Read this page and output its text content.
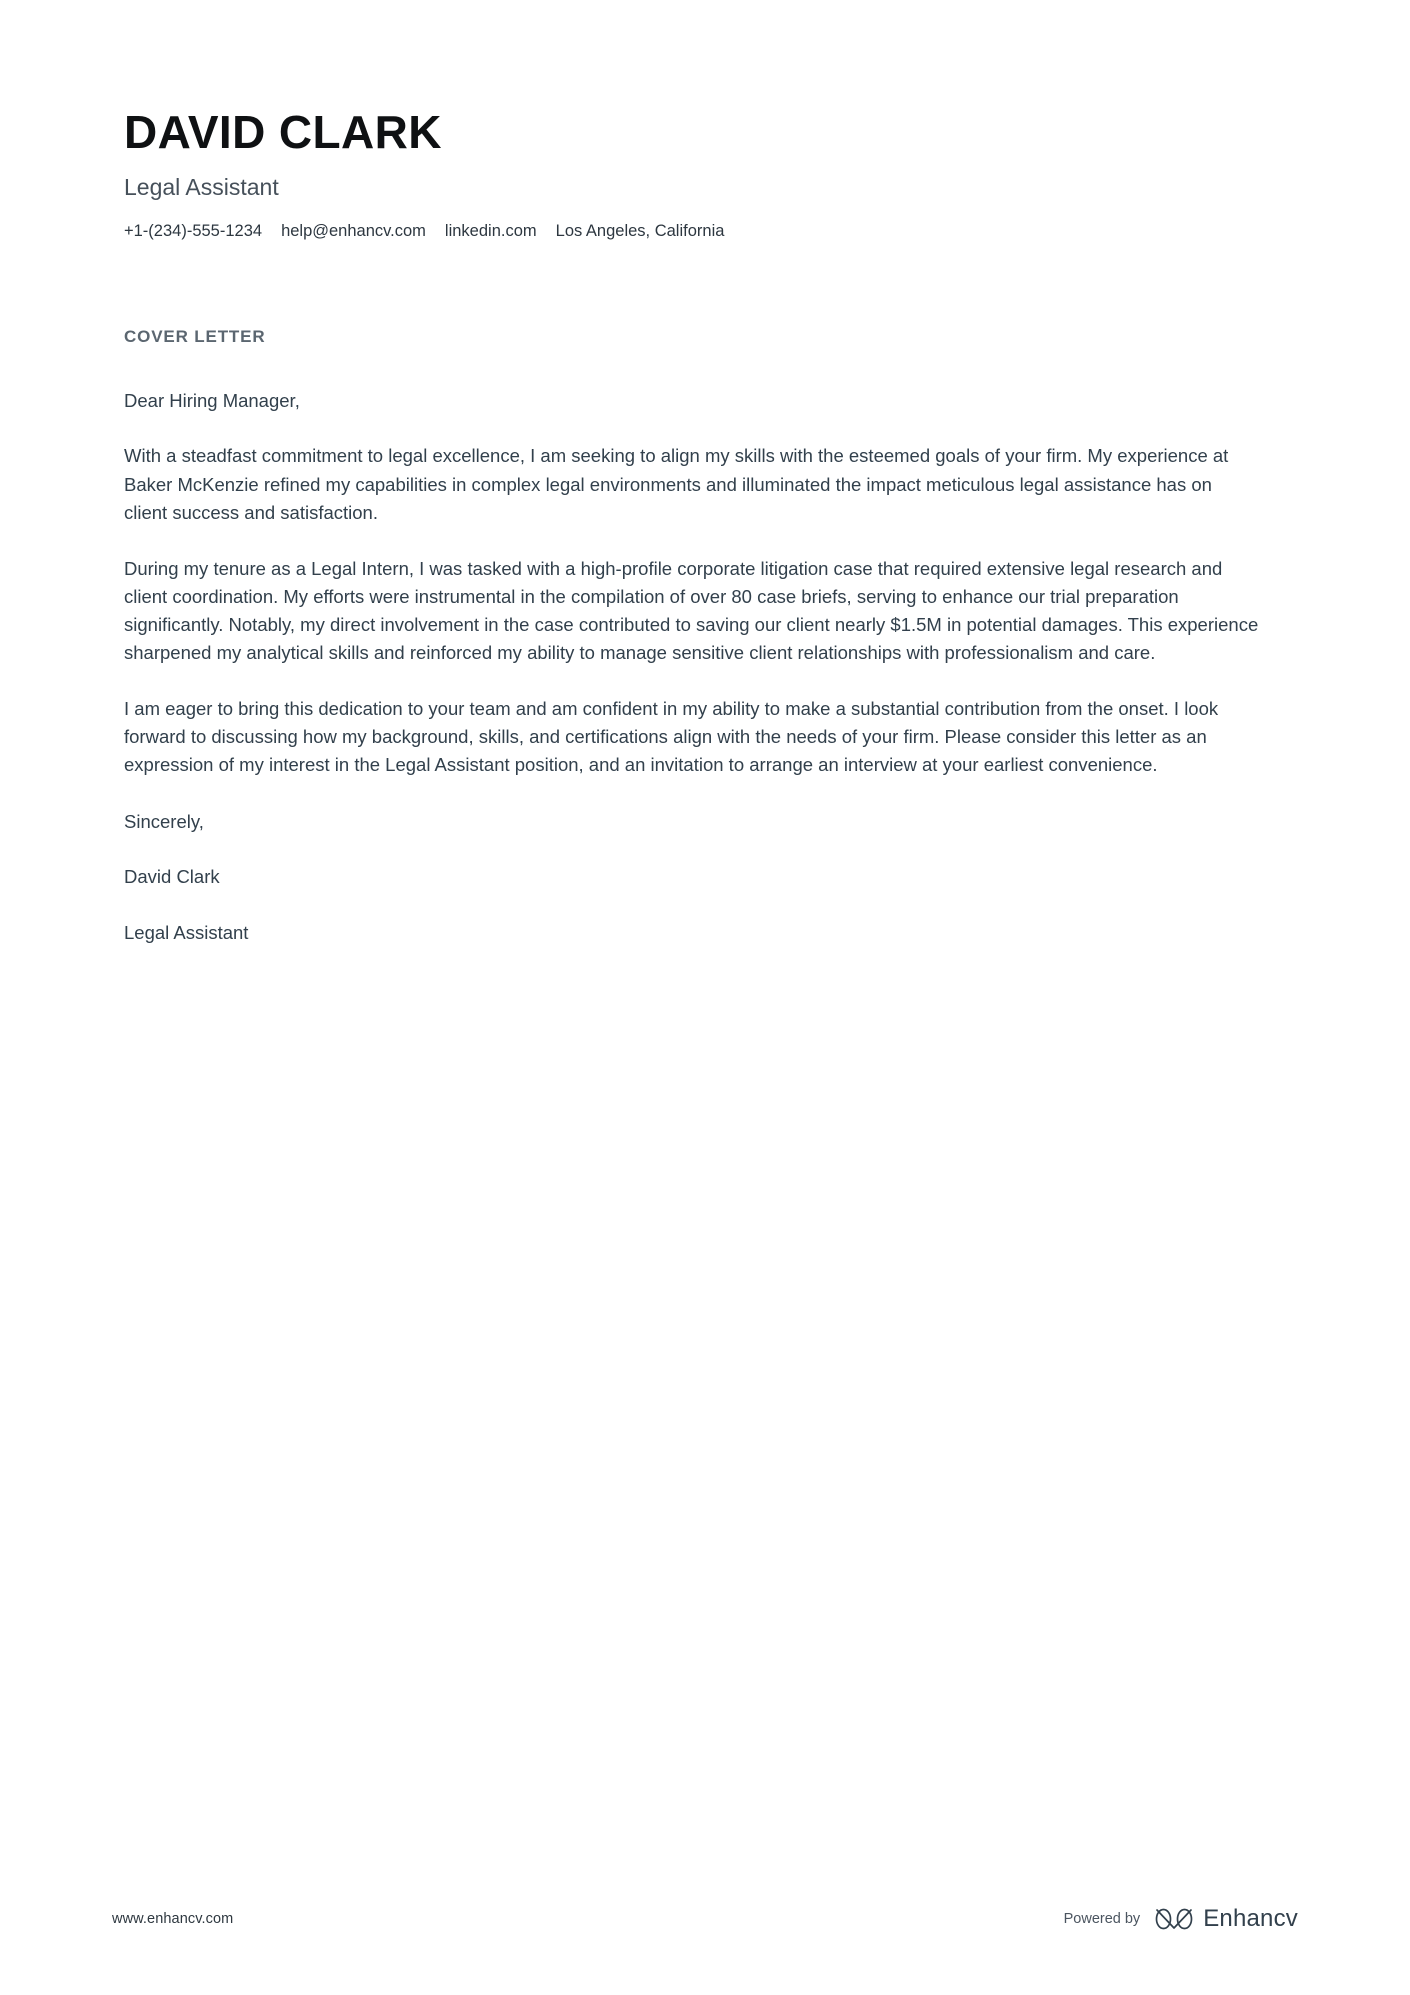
DAVID CLARK
Legal Assistant
+1-(234)-555-1234 help@enhancv.com linkedin.com Los Angeles, California
COVER LETTER
Dear Hiring Manager,

With a steadfast commitment to legal excellence, I am seeking to align my skills with the esteemed goals of your firm. My experience at Baker McKenzie refined my capabilities in complex legal environments and illuminated the impact meticulous legal assistance has on client success and satisfaction.

During my tenure as a Legal Intern, I was tasked with a high-profile corporate litigation case that required extensive legal research and client coordination. My efforts were instrumental in the compilation of over 80 case briefs, serving to enhance our trial preparation significantly. Notably, my direct involvement in the case contributed to saving our client nearly $1.5M in potential damages. This experience sharpened my analytical skills and reinforced my ability to manage sensitive client relationships with professionalism and care.

I am eager to bring this dedication to your team and am confident in my ability to make a substantial contribution from the onset. I look forward to discussing how my background, skills, and certifications align with the needs of your firm. Please consider this letter as an expression of my interest in the Legal Assistant position, and an invitation to arrange an interview at your earliest convenience.

Sincerely,
David Clark
Legal Assistant
www.enhancv.com	Powered by	Enhancv
